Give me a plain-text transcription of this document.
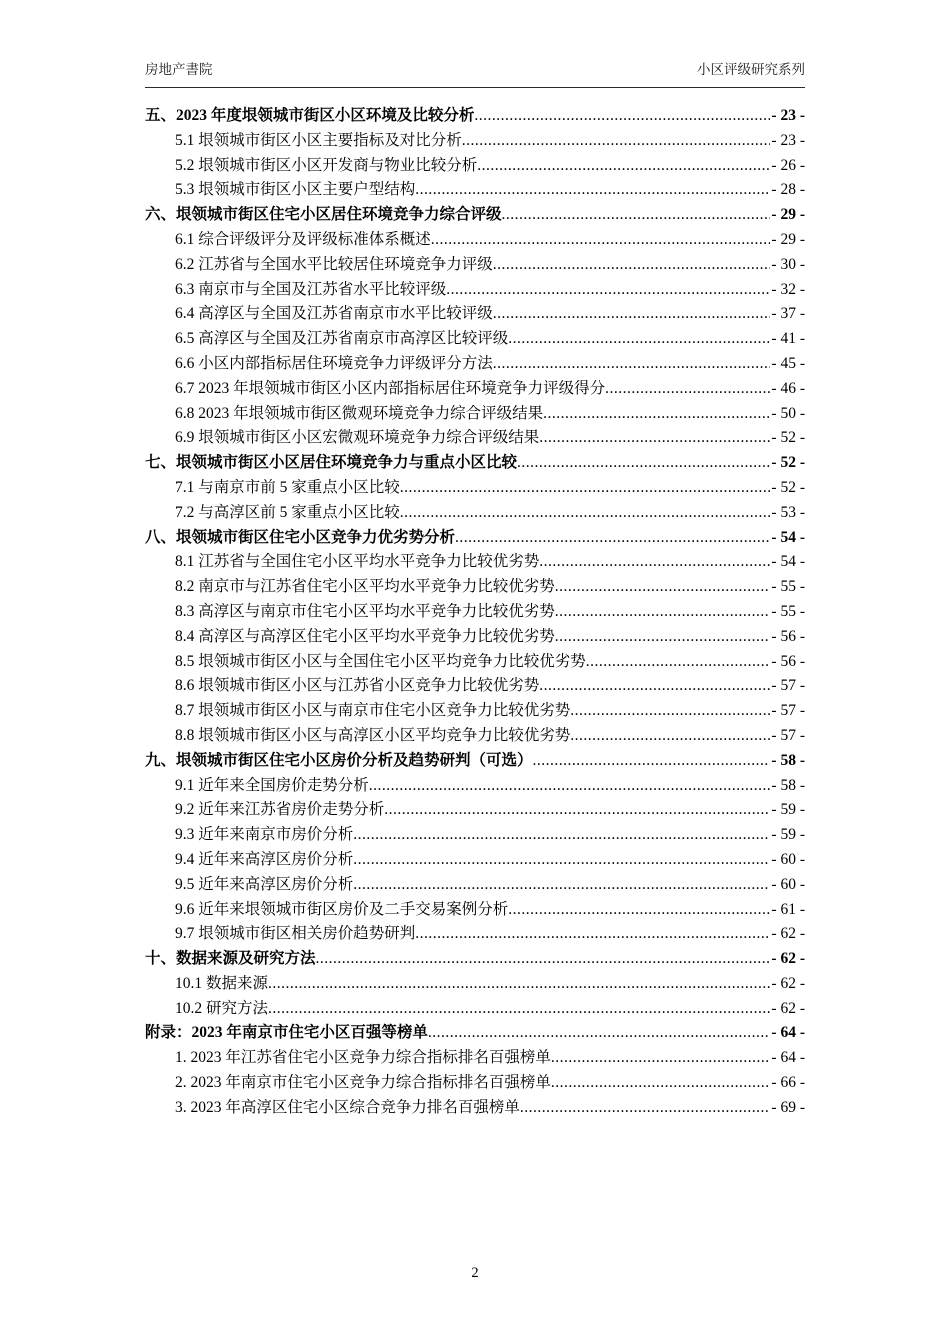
房地产書院	小区评级研究系列
五、2023 年度垠领城市街区小区环境及比较分析 .....	- 23 -
5.1 垠领城市街区小区主要指标及对比分析 .....	- 23 -
5.2 垠领城市街区小区开发商与物业比较分析 .....	- 26 -
5.3 垠领城市街区小区主要户型结构 .....	- 28 -
六、垠领城市街区住宅小区居住环境竞争力综合评级 .....	- 29 -
6.1 综合评级评分及评级标准体系概述 .....	- 29 -
6.2 江苏省与全国水平比较居住环境竞争力评级 .....	- 30 -
6.3 南京市与全国及江苏省水平比较评级 .....	- 32 -
6.4 高淳区与全国及江苏省南京市水平比较评级 .....	- 37 -
6.5 高淳区与全国及江苏省南京市高淳区比较评级 .....	- 41 -
6.6 小区内部指标居住环境竞争力评级评分方法 .....	- 45 -
6.7 2023 年垠领城市街区小区内部指标居住环境竞争力评级得分 .....	- 46 -
6.8 2023 年垠领城市街区微观环境竞争力综合评级结果 .....	- 50 -
6.9 垠领城市街区小区宏微观环境竞争力综合评级结果 .....	- 52 -
七、垠领城市街区小区居住环境竞争力与重点小区比较 .....	- 52 -
7.1 与南京市前 5 家重点小区比较 .....	- 52 -
7.2 与高淳区前 5 家重点小区比较 .....	- 53 -
八、垠领城市街区住宅小区竞争力优劣势分析 .....	- 54 -
8.1 江苏省与全国住宅小区平均水平竞争力比较优劣势 .....	- 54 -
8.2 南京市与江苏省住宅小区平均水平竞争力比较优劣势 .....	- 55 -
8.3 高淳区与南京市住宅小区平均水平竞争力比较优劣势 .....	- 55 -
8.4 高淳区与高淳区住宅小区平均水平竞争力比较优劣势 .....	- 56 -
8.5 垠领城市街区小区与全国住宅小区平均竞争力比较优劣势 .....	- 56 -
8.6 垠领城市街区小区与江苏省小区竞争力比较优劣势 .....	- 57 -
8.7 垠领城市街区小区与南京市住宅小区竞争力比较优劣势 .....	- 57 -
8.8 垠领城市街区小区与高淳区小区平均竞争力比较优劣势 .....	- 57 -
九、垠领城市街区住宅小区房价分析及趋势研判（可选） .....	- 58 -
9.1 近年来全国房价走势分析 .....	- 58 -
9.2 近年来江苏省房价走势分析 .....	- 59 -
9.3 近年来南京市房价分析 .....	- 59 -
9.4 近年来高淳区房价分析 .....	- 60 -
9.5 近年来高淳区房价分析 .....	- 60 -
9.6 近年来垠领城市街区房价及二手交易案例分析 .....	- 61 -
9.7 垠领城市街区相关房价趋势研判 .....	- 62 -
十、数据来源及研究方法 .....	- 62 -
10.1 数据来源 .....	- 62 -
10.2 研究方法 .....	- 62 -
附录：2023 年南京市住宅小区百强等榜单 .....	- 64 -
1. 2023 年江苏省住宅小区竞争力综合指标排名百强榜单 .....	- 64 -
2. 2023 年南京市住宅小区竞争力综合指标排名百强榜单 .....	- 66 -
3. 2023 年高淳区住宅小区综合竞争力排名百强榜单 .....	- 69 -
2
